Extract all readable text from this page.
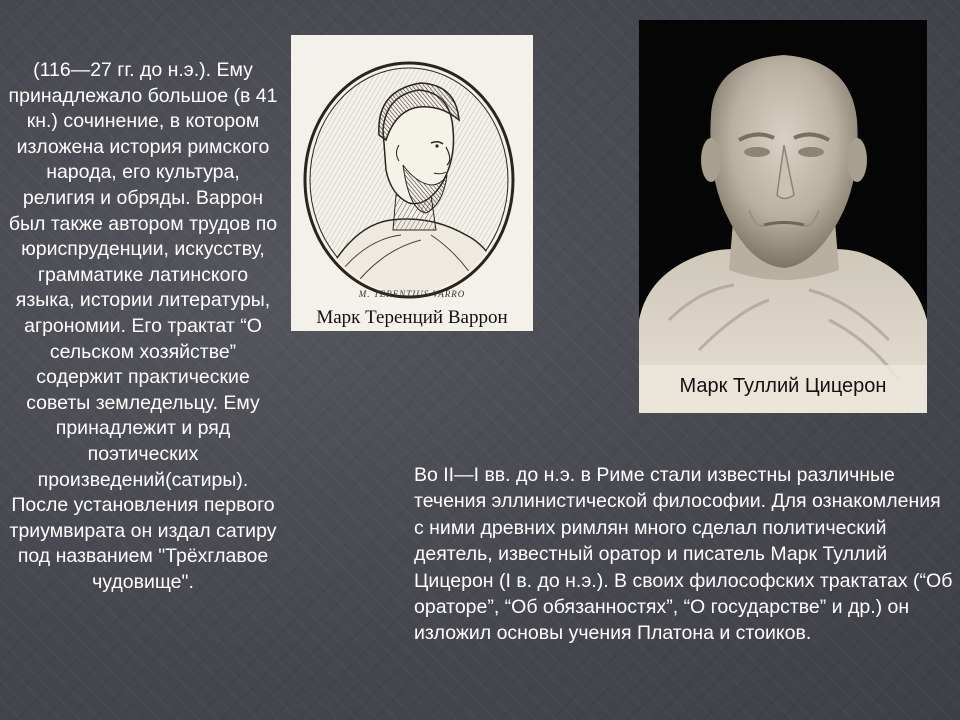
(116—27 гг. до н.э.). Ему принадлежало большое (в 41 кн.) сочинение, в котором изложена история римского народа, его культура, религия и обряды. Варрон был также автором трудов по юриспруденции, искусству, грамматике латинского языка, истории литературы, агрономии. Его трактат “О сельском хозяйстве” содержит практические советы земледельцу. Ему принадлежит и ряд поэтических произведений(сатиры). После установления первого триумвирата он издал сатиру под названием "Трёхглавое чудовище".
M. TERENTIUS VARRO
Марк Теренций Варрон
Марк Туллий Цицерон
Во II—I вв. до н.э. в Риме стали известны различные течения эллинистической философии. Для ознакомления с ними древних римлян много сделал политический деятель, известный оратор и писатель Марк Туллий Цицерон (I в. до н.э.). В своих философских трактатах (“Об ораторе”, “Об обязанностях”, “О государстве” и др.) он изложил основы учения Платона и стоиков.
